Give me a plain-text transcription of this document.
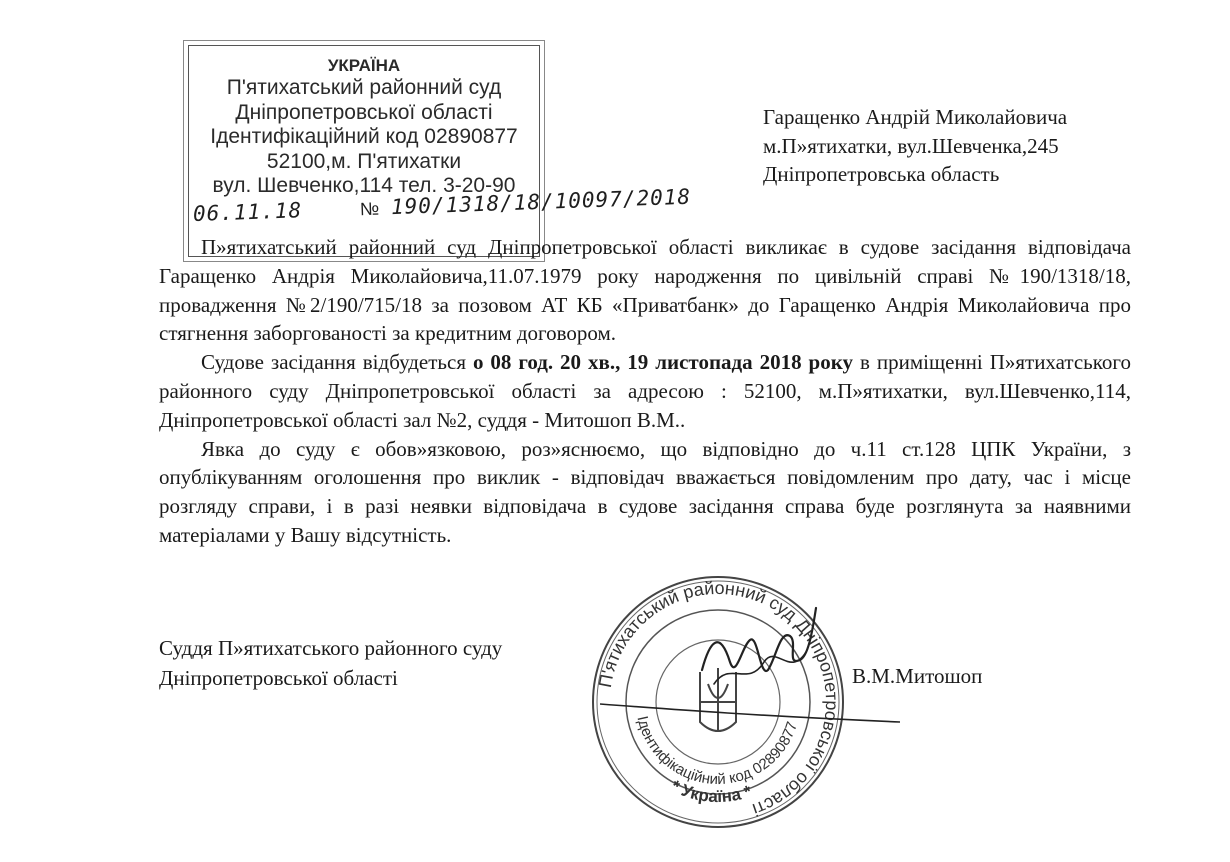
УКРАЇНА
П'ятихатський районний суд
Дніпропетровської області
Ідентифікаційний код 02890877
52100,м. П'ятихатки
вул. Шевченко,114 тел. 3-20-90
06.11.18	№ 190/1318/18/10097/2018
Гаращенко Андрій Миколайовича
м.П»ятихатки, вул.Шевченка,245
Дніпропетровська область

П»ятихатський районний суд Дніпропетровської області викликає в судове засідання відповідача Гаращенко Андрія Миколайовича,11.07.1979 року народження по цивільній справі №190/1318/18, провадження №2/190/715/18 за позовом АТ КБ «Приватбанк» до Гаращенко Андрія Миколайовича про стягнення заборгованості за кредитним договором.

Судове засідання відбудеться о 08 год. 20 хв., 19 листопада 2018 року в приміщенні П»ятихатського районного суду Дніпропетровської області за адресою : 52100, м.П»ятихатки, вул.Шевченко,114, Дніпропетровської області зал №2, суддя - Митошоп В.М..

Явка до суду є обов»язковою, роз»яснюємо, що відповідно до ч.11 ст.128 ЦПК України, з опублікуванням оголошення про виклик - відповідач вважається повідомленим про дату, час і місце розгляду справи, і в разі неявки відповідача в судове засідання справа буде розглянута за наявними матеріалами у Вашу відсутність.

Суддя П»ятихатського районного суду
Дніпропетровської області	П'ятихатський районний суд Дніпропетровської області
Ідентифікаційний код 02890877
* Україна *
В.М.Митошоп
